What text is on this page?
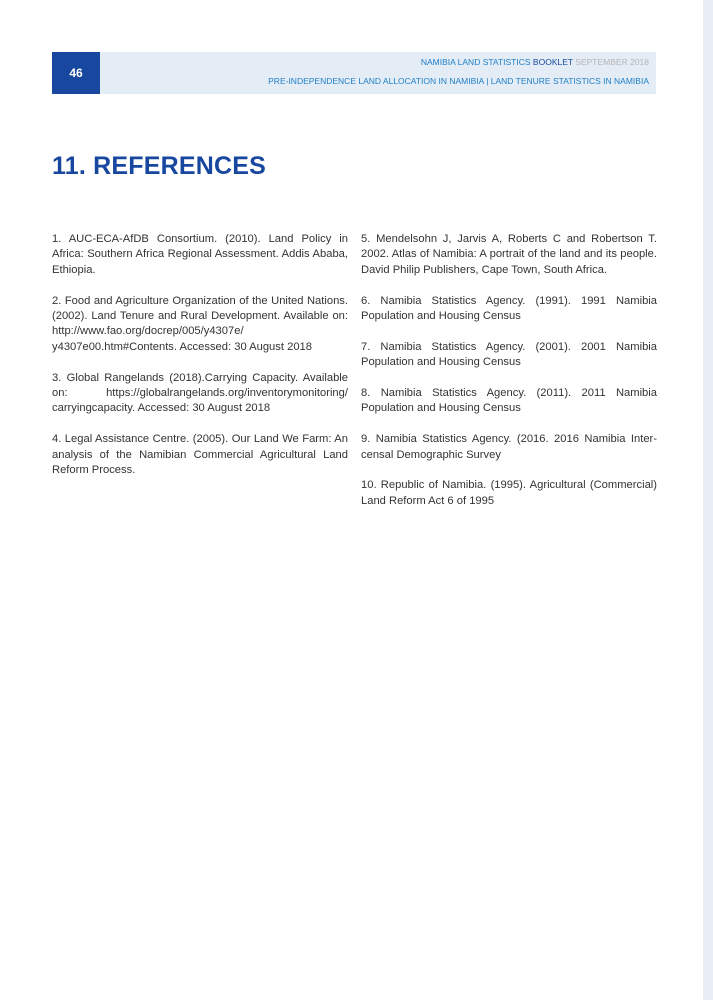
46
NAMIBIA LAND STATISTICS BOOKLET SEPTEMBER 2018
PRE-INDEPENDENCE LAND ALLOCATION IN NAMIBIA | LAND TENURE STATISTICS IN NAMIBIA
11. REFERENCES

1. AUC-ECA-AfDB Consortium. (2010). Land Policy in Africa: Southern Africa Regional Assessment. Addis Ababa, Ethiopia.

2. Food and Agriculture Organization of the United Nations. (2002). Land Tenure and Rural Development. Available on: http://www.fao.org/docrep/005/y4307e/ y4307e00.htm#Contents. Accessed: 30 August 2018

3. Global Rangelands (2018).Carrying Capacity. Available on: https://globalrangelands.org/inventorymonitoring/ carryingcapacity. Accessed: 30 August 2018

4. Legal Assistance Centre. (2005). Our Land We Farm: An analysis of the Namibian Commercial Agricultural Land Reform Process.

5. Mendelsohn J, Jarvis A, Roberts C and Robertson T. 2002. Atlas of Namibia: A portrait of the land and its people. David Philip Publishers, Cape Town, South Africa.

6. Namibia Statistics Agency. (1991). 1991 Namibia Population and Housing Census

7. Namibia Statistics Agency. (2001). 2001 Namibia Population and Housing Census

8. Namibia Statistics Agency. (2011). 2011 Namibia Population and Housing Census

9. Namibia Statistics Agency. (2016. 2016 Namibia Inter-censal Demographic Survey

10. Republic of Namibia. (1995). Agricultural (Commercial) Land Reform Act 6 of 1995
